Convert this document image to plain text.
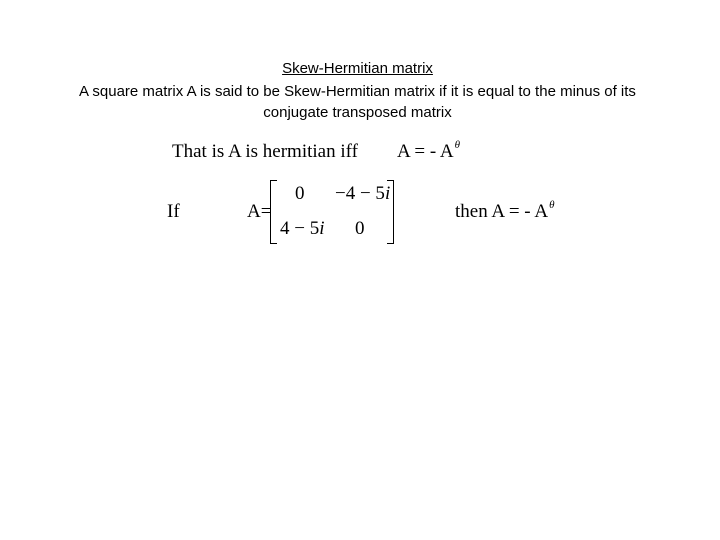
Skew-Hermitian matrix
A square matrix A is said to be Skew-Hermitian matrix if it is equal to the minus of its
conjugate transposed matrix
That is A is hermitian iff A = - $A^\theta$
If	A=
0 −4 − 5i
4 − 5i 0
then A = - $A^\theta$
